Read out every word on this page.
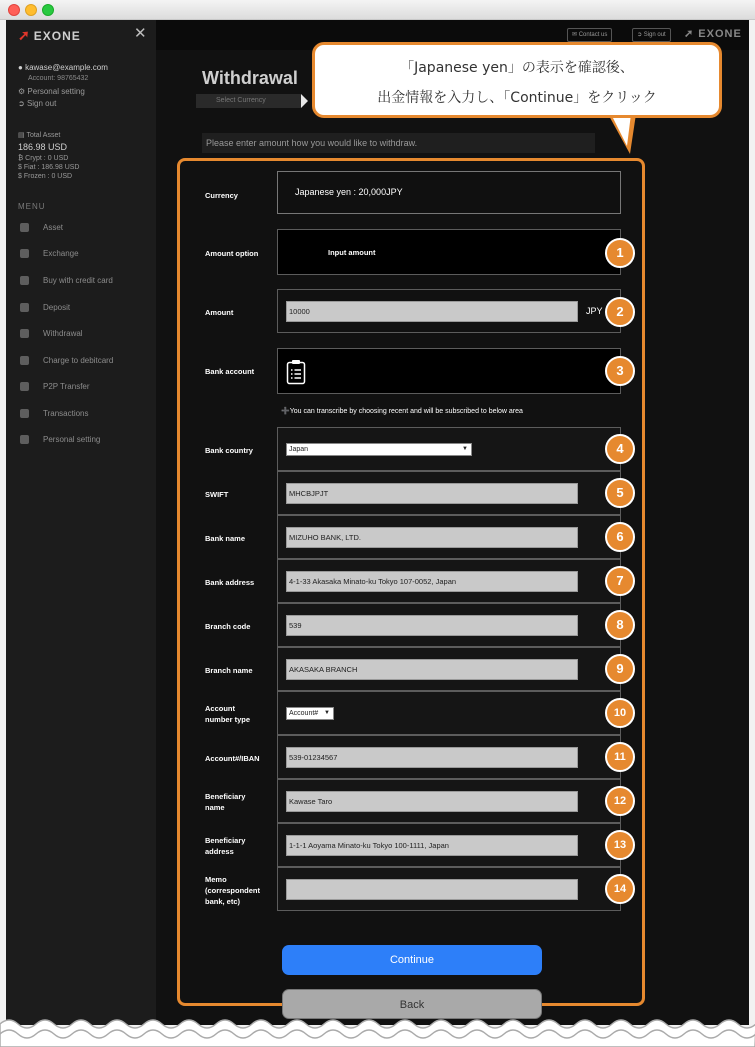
➚ EXONE	✕
● kawase@example.com
Account: 98765432
⚙ Personal setting
➲ Sign out
▤ Total Asset
186.98 USD
₿ Crypt : 0 USD
$ Fiat : 186.98 USD
$ Frozen : 0 USD
MENU
Asset
Exchange
Buy with credit card
Deposit
Withdrawal
Charge to debitcard
P2P Transfer
Transactions
Personal setting
✉ Contact us	➲ Sign out	➚ EXONE
Withdrawal
Select Currency
Please enter amount how you would like to withdraw.
Currency	Japanese yen : 20,000JPY
Amount option	Input amount	1
Amount	10000	JPY	2
Bank account	3
➕You can transcribe by choosing recent and will be subscribed to below area
Bank country	Japan	▼	4
SWIFT	MHCBJPJT	5
Bank name	MIZUHO BANK, LTD.	6
Bank address	4-1-33 Akasaka Minato-ku Tokyo 107-0052, Japan	7
Branch code	539	8
Branch name	AKASAKA BRANCH	9
Account
number type
Account# ▼	10
Account#/IBAN	539-01234567	11
Beneficiary
name
Kawase Taro	12
Beneficiary
address
1-1-1 Aoyama Minato-ku Tokyo 100-1111, Japan	13
Memo
(correspondent
bank, etc)
14
Continue
Back
「Japanese yen」の表示を確認後、
出金情報を入力し、「Continue」をクリック
